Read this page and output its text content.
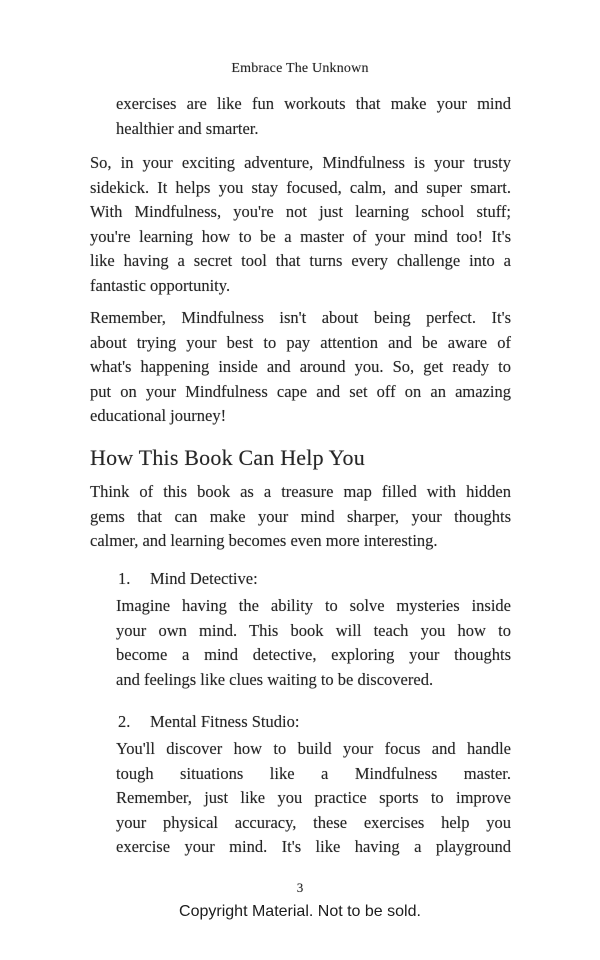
Embrace The Unknown
exercises are like fun workouts that make your mind
healthier and smarter.
So, in your exciting adventure, Mindfulness is your trusty
sidekick. It helps you stay focused, calm, and super smart.
With Mindfulness, you're not just learning school stuff;
you're learning how to be a master of your mind too! It's
like having a secret tool that turns every challenge into a
fantastic opportunity.
Remember, Mindfulness isn't about being perfect. It's
about trying your best to pay attention and be aware of
what's happening inside and around you. So, get ready to
put on your Mindfulness cape and set off on an amazing
educational journey!
How This Book Can Help You
Think of this book as a treasure map filled with hidden
gems that can make your mind sharper, your thoughts
calmer, and learning becomes even more interesting.
1. Mind Detective:
Imagine having the ability to solve mysteries inside
your own mind. This book will teach you how to
become a mind detective, exploring your thoughts
and feelings like clues waiting to be discovered.
2. Mental Fitness Studio:
You'll discover how to build your focus and handle
tough situations like a Mindfulness master.
Remember, just like you practice sports to improve
your physical accuracy, these exercises help you
exercise your mind. It's like having a playground
3
Copyright Material. Not to be sold.
